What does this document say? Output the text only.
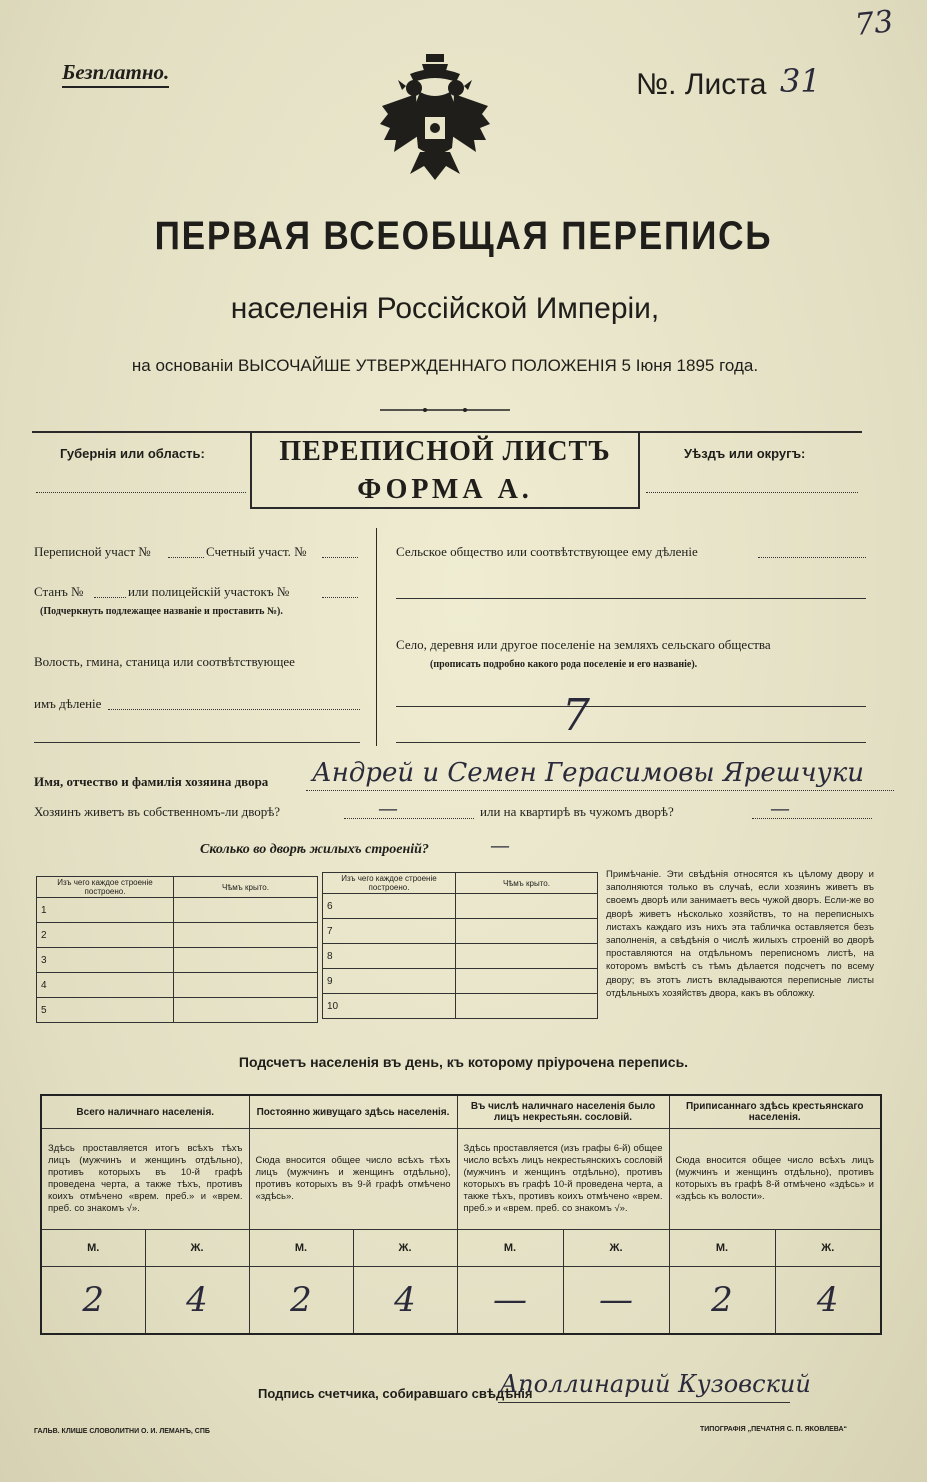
73
Безплатно.	№. Листа 31
ПЕРВАЯ ВСЕОБЩАЯ ПЕРЕПИСЬ
населенія Россійской Имперіи,
на основаніи ВЫСОЧАЙШЕ УТВЕРЖДЕННАГО ПОЛОЖЕНІЯ 5 Іюня 1895 года.
Губернія или область:	ПЕРЕПИСНОЙ ЛИСТЪ
ФОРМА А.
Уѣздъ или округъ:
Переписной участ №	Счетный участ. №
Станъ №	или полицейскій участокъ №
(Подчеркнуть подлежащее названіе и проставить №).
Волость, гмина, станица или соотвѣтствующее
имъ дѣленіе
Сельское общество или соотвѣтствующее ему дѣленіе
Село, деревня или другое поселеніе на земляхъ сельскаго общества
(прописать подробно какого рода поселеніе и его названіе).
7
Имя, отчество и фамилія хозяина двора Андрей и Семен Герасимовы Ярешчуки
Хозяинъ живетъ въ собственномъ-ли дворѣ?	—	или на квартирѣ въ чужомъ дворѣ?	—
Сколько во дворѣ жилыхъ строеній?	—
Изъ чего каждое строеніе построено.	Чѣмъ крыто.
1	
2	
3	
4	
5	
Изъ чего каждое строеніе построено.	Чѣмъ крыто.
6	
7	
8	
9	
10	
Примѣчаніе. Эти свѣдѣнія относятся къ цѣлому двору и заполняются только въ случаѣ, если хозяинъ живетъ въ своемъ дворѣ или занимаетъ весь чужой дворъ. Если-же во дворѣ живетъ нѣсколько хозяйствъ, то на переписныхъ листахъ каждаго изъ нихъ эта табличка оставляется безъ заполненія, а свѣдѣнія о числѣ жилыхъ строеній во дворѣ проставляются на отдѣльномъ переписномъ листѣ, на которомъ вмѣстѣ съ тѣмъ дѣлается подсчетъ по всему двору; въ этотъ листъ вкладываются переписные листы отдѣльныхъ хозяйствъ двора, какъ въ обложку.
Подсчетъ населенія въ день, къ которому пріурочена перепись.
Всего наличнаго населенія.		Постоянно живущаго здѣсь населенія.		Въ числѣ наличнаго населенія было лицъ некрестьян. сословій.		Приписаннаго здѣсь крестьянскаго населенія.	
Здѣсь проставляется итогъ всѣхъ тѣхъ лицъ (мужчинъ и женщинъ отдѣльно), противъ которыхъ въ 10-й графѣ проведена черта, а также тѣхъ, противъ коихъ отмѣчено «врем. преб.» и «врем. преб. со знакомъ √».		Сюда вносится общее число всѣхъ тѣхъ лицъ (мужчинъ и женщинъ отдѣльно), противъ которыхъ въ 9-й графѣ отмѣчено «здѣсь».		Здѣсь проставляется (изъ графы 6-й) общее число всѣхъ лицъ некрестьянскихъ сословій (мужчинъ и женщинъ отдѣльно), противъ которыхъ въ графѣ 10-й проведена черта, а также тѣхъ, противъ коихъ отмѣчено «врем. преб.» и «врем. преб. со знакомъ √».		Сюда вносится общее число всѣхъ лицъ (мужчинъ и женщинъ отдѣльно), противъ которыхъ въ графѣ 8-й отмѣчено «здѣсь» и «здѣсь къ волости».	
М.	Ж.	М.	Ж.	М.	Ж.	М.	Ж.
2	4	2	4	—	—	2	4
Подпись счетчика, собиравшаго свѣдѣнія
Аполлинарий Кузовский
ГАЛЬВ. КЛИШЕ СЛОВОЛИТНИ О. И. ЛЕМАНЪ, СПБ	ТИПОГРАФІЯ „ПЕЧАТНЯ С. П. ЯКОВЛЕВА“
